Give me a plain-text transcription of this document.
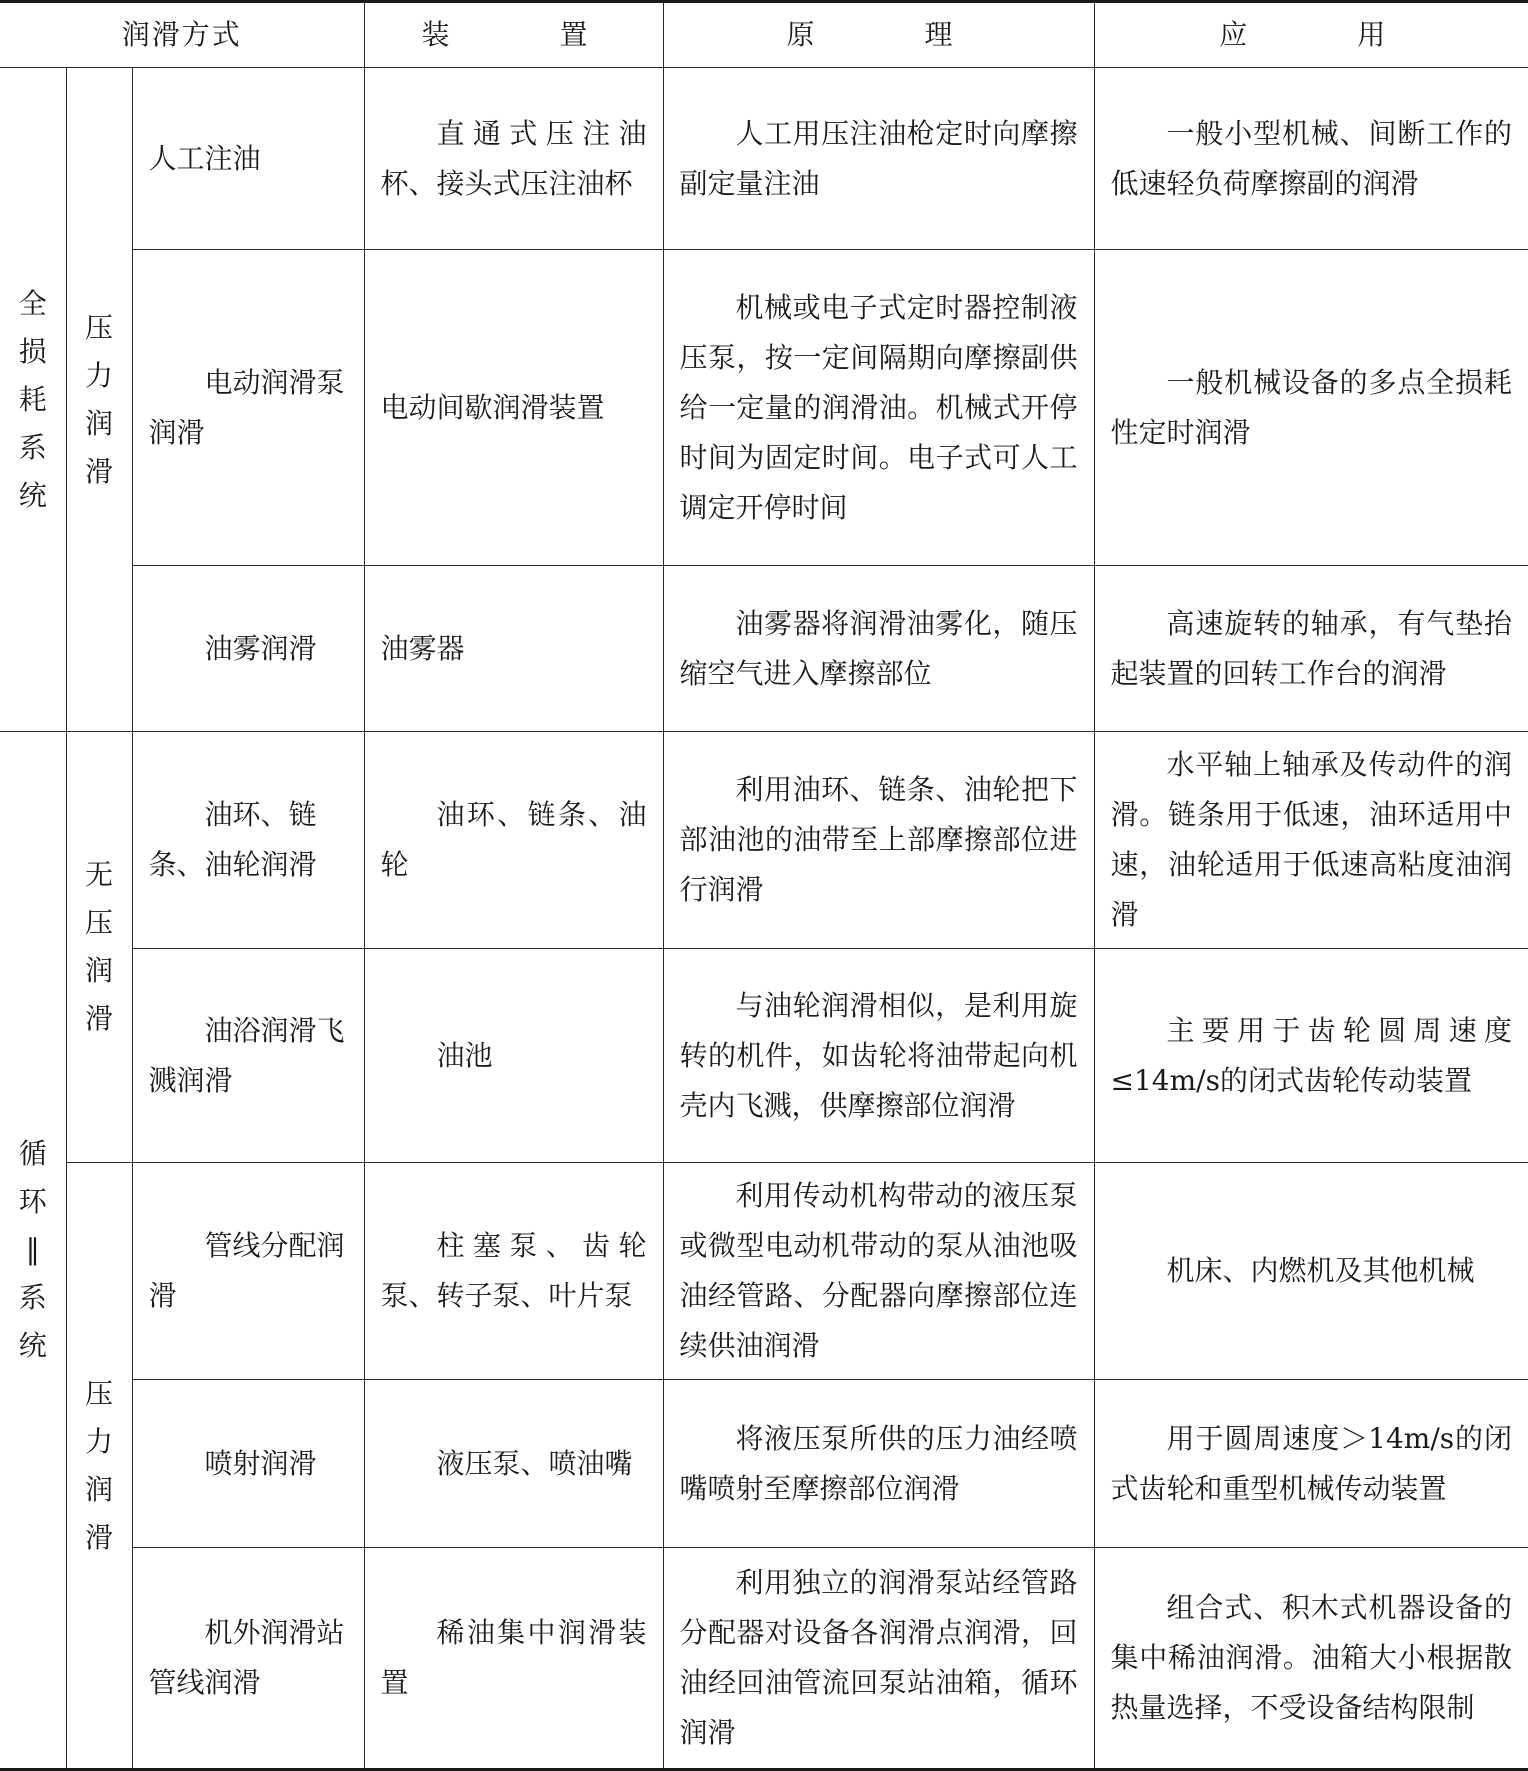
润滑方式			装　　置	原　　理	应　　用

全损耗系统	压力润滑	人工注油	直通式压注油杯、接头式压注油杯	人工用压注油枪定时向摩擦副定量注油	一般小型机械、间断工作的低速轻负荷摩擦副的润滑
		电动润滑泵润滑	电动间歇润滑装置	机械或电子式定时器控制液压泵，按一定间隔期向摩擦副供给一定量的润滑油。机械式开停时间为固定时间。电子式可人工调定开停时间	一般机械设备的多点全损耗性定时润滑
		油雾润滑	油雾器	油雾器将润滑油雾化，随压缩空气进入摩擦部位	高速旋转的轴承，有气垫抬起装置的回转工作台的润滑

循环‖系统	无压润滑	油环、链条、油轮润滑	油环、链条、油轮	利用油环、链条、油轮把下部油池的油带至上部摩擦部位进行润滑	水平轴上轴承及传动件的润滑。链条用于低速，油环适用中速，油轮适用于低速高粘度油润滑
		油浴润滑飞溅润滑	油池	与油轮润滑相似，是利用旋转的机件，如齿轮将油带起向机壳内飞溅，供摩擦部位润滑	主要用于齿轮圆周速度≤14m/s的闭式齿轮传动装置

	压力润滑	管线分配润滑	柱塞泵、齿轮泵、转子泵、叶片泵	利用传动机构带动的液压泵或微型电动机带动的泵从油池吸油经管路、分配器向摩擦部位连续供油润滑	机床、内燃机及其他机械
		喷射润滑	液压泵、喷油嘴	将液压泵所供的压力油经喷嘴喷射至摩擦部位润滑	用于圆周速度＞14m/s的闭式齿轮和重型机械传动装置
		机外润滑站管线润滑	稀油集中润滑装置	利用独立的润滑泵站经管路分配器对设备各润滑点润滑，回油经回油管流回泵站油箱，循环润滑	组合式、积木式机器设备的集中稀油润滑。油箱大小根据散热量选择，不受设备结构限制
